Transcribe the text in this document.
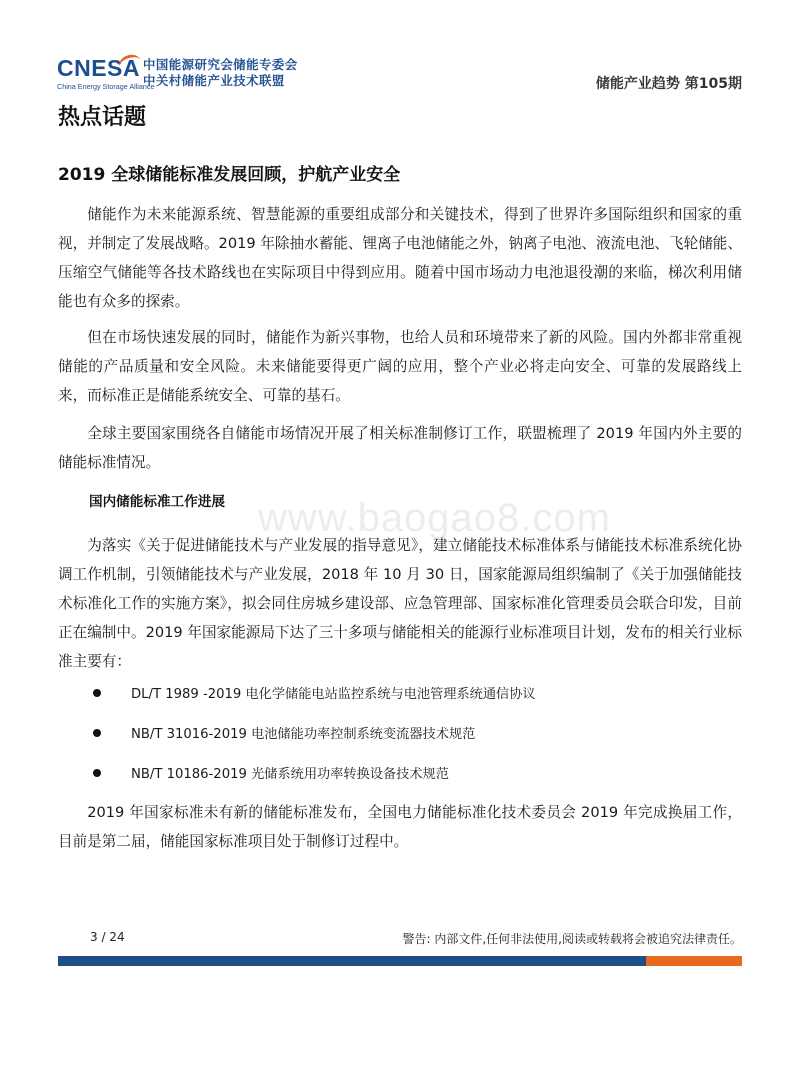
CNESA
China Energy Storage Alliance
中国能源研究会储能专委会
中关村储能产业技术联盟	储能产业趋势 第105期
热点话题
2019 全球储能标准发展回顾，护航产业安全

储能作为未来能源系统、智慧能源的重要组成部分和关键技术，得到了世界许多国际组织和国家的重视，并制定了发展战略。2019 年除抽水蓄能、锂离子电池储能之外，钠离子电池、液流电池、飞轮储能、压缩空气储能等各技术路线也在实际项目中得到应用。随着中国市场动力电池退役潮的来临，梯次利用储能也有众多的探索。

但在市场快速发展的同时，储能作为新兴事物，也给人员和环境带来了新的风险。国内外都非常重视储能的产品质量和安全风险。未来储能要得更广阔的应用，整个产业必将走向安全、可靠的发展路线上来，而标准正是储能系统安全、可靠的基石。

全球主要国家围绕各自储能市场情况开展了相关标准制修订工作，联盟梳理了 2019 年国内外主要的储能标准情况。

国内储能标准工作进展

为落实《关于促进储能技术与产业发展的指导意见》，建立储能技术标准体系与储能技术标准系统化协调工作机制，引领储能技术与产业发展，2018 年 10 月 30 日，国家能源局组织编制了《关于加强储能技术标准化工作的实施方案》，拟会同住房城乡建设部、应急管理部、国家标准化管理委员会联合印发，目前正在编制中。2019 年国家能源局下达了三十多项与储能相关的能源行业标准项目计划，发布的相关行业标准主要有：

DL/T 1989 -2019 电化学储能电站监控系统与电池管理系统通信协议
NB/T 31016-2019 电池储能功率控制系统变流器技术规范
NB/T 10186-2019 光储系统用功率转换设备技术规范

2019 年国家标准未有新的储能标准发布，全国电力储能标准化技术委员会 2019 年完成换届工作，目前是第二届，储能国家标准项目处于制修订过程中。

www.baogao8.com
3 / 24	警告: 内部文件,任何非法使用,阅读或转载将会被追究法律责任。
